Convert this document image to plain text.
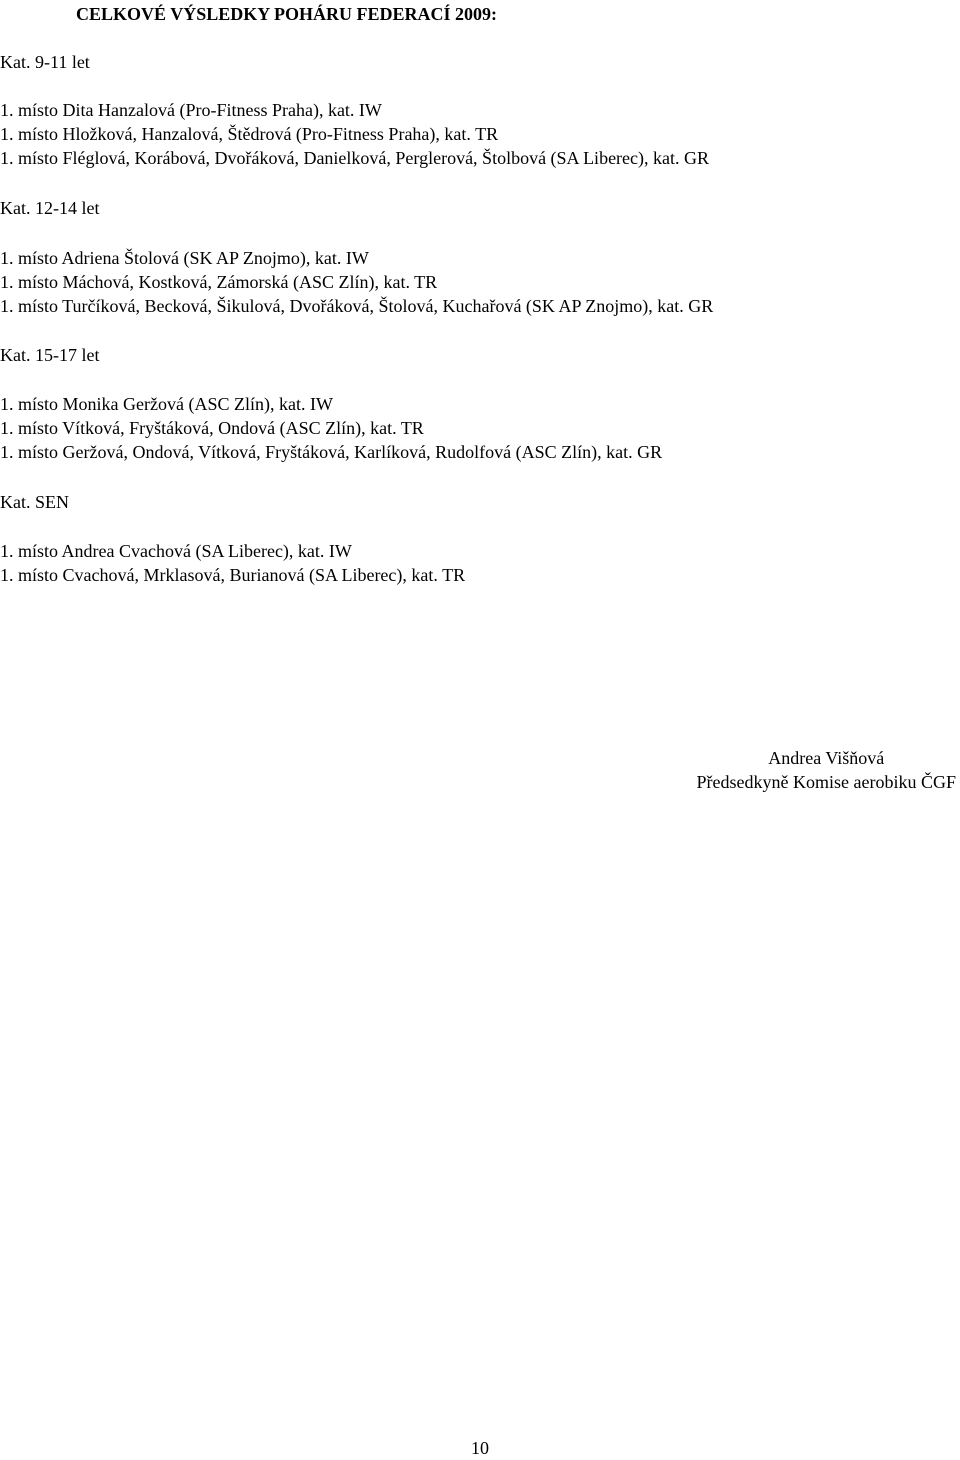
CELKOVÉ VÝSLEDKY POHÁRU FEDERACÍ 2009:
Kat. 9-11 let
1. místo Dita Hanzalová (Pro-Fitness Praha), kat. IW
1. místo Hložková, Hanzalová, Štědrová (Pro-Fitness Praha), kat. TR
1. místo Fléglová, Korábová, Dvořáková, Danielková, Perglerová, Štolbová (SA Liberec), kat. GR
Kat. 12-14 let
1. místo Adriena Štolová (SK AP Znojmo), kat. IW
1. místo Máchová, Kostková, Zámorská (ASC Zlín), kat. TR
1. místo Turčíková, Becková, Šikulová, Dvořáková, Štolová, Kuchařová (SK AP Znojmo), kat. GR
Kat. 15-17 let
1. místo Monika Geržová (ASC Zlín), kat. IW
1. místo Vítková, Fryštáková, Ondová (ASC Zlín), kat. TR
1. místo Geržová, Ondová, Vítková, Fryštáková, Karlíková, Rudolfová (ASC Zlín), kat. GR
Kat. SEN
1. místo Andrea Cvachová (SA Liberec), kat. IW
1. místo Cvachová, Mrklasová, Burianová (SA Liberec), kat. TR
Andrea Višňová
Předsedkyně Komise aerobiku ČGF
10
